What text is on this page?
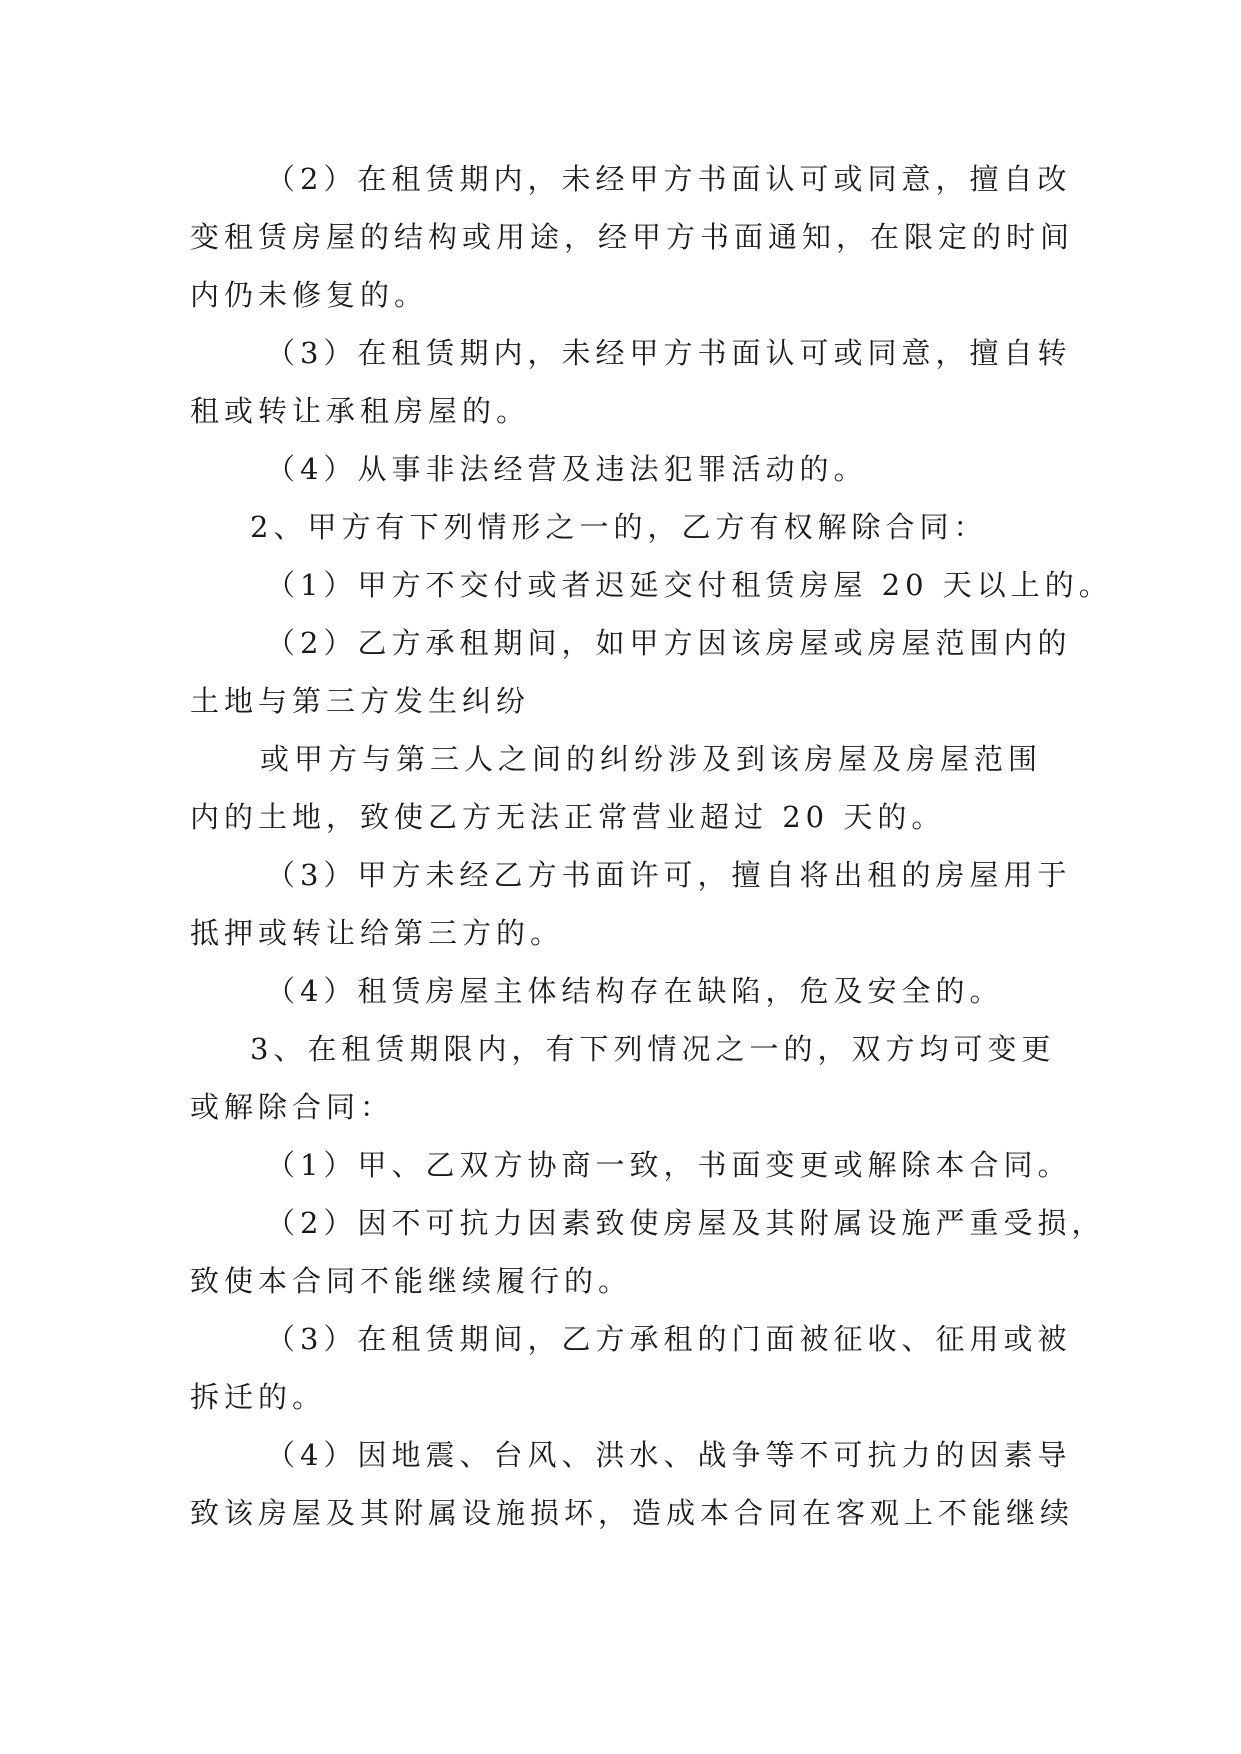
（2）在租赁期内，未经甲方书面认可或同意，擅自改
变租赁房屋的结构或用途，经甲方书面通知，在限定的时间
内仍未修复的。
（3）在租赁期内，未经甲方书面认可或同意，擅自转
租或转让承租房屋的。
（4）从事非法经营及违法犯罪活动的。
2、甲方有下列情形之一的，乙方有权解除合同：
（1）甲方不交付或者迟延交付租赁房屋 20 天以上的。
（2）乙方承租期间，如甲方因该房屋或房屋范围内的
土地与第三方发生纠纷
或甲方与第三人之间的纠纷涉及到该房屋及房屋范围
内的土地，致使乙方无法正常营业超过 20 天的。
（3）甲方未经乙方书面许可，擅自将出租的房屋用于
抵押或转让给第三方的。
（4）租赁房屋主体结构存在缺陷，危及安全的。
3、在租赁期限内，有下列情况之一的，双方均可变更
或解除合同：
（1）甲、乙双方协商一致，书面变更或解除本合同。
（2）因不可抗力因素致使房屋及其附属设施严重受损，
致使本合同不能继续履行的。
（3）在租赁期间，乙方承租的门面被征收、征用或被
拆迁的。
（4）因地震、台风、洪水、战争等不可抗力的因素导
致该房屋及其附属设施损坏，造成本合同在客观上不能继续
